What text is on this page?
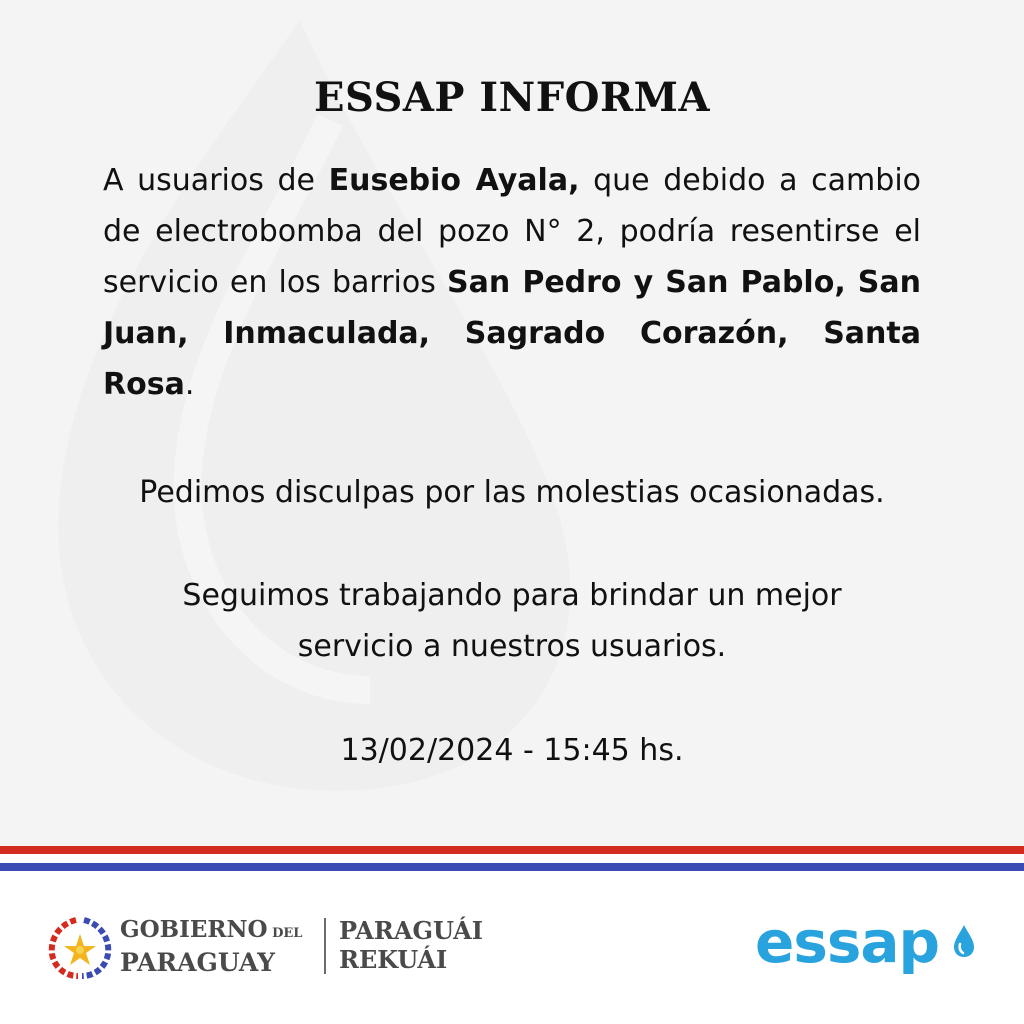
ESSAP INFORMA

A usuarios de Eusebio Ayala, que debido a cambio de electrobomba del pozo N° 2, podría resentirse el servicio en los barrios San Pedro y San Pablo, San Juan, Inmaculada, Sagrado Corazón, Santa Rosa.

Pedimos disculpas por las molestias ocasionadas.

Seguimos trabajando para brindar un mejor

servicio a nuestros usuarios.

13/02/2024 - 15:45 hs.

GOBIERNO DEL
PARAGUAY
PARAGUÁI
REKUÁI	essap
